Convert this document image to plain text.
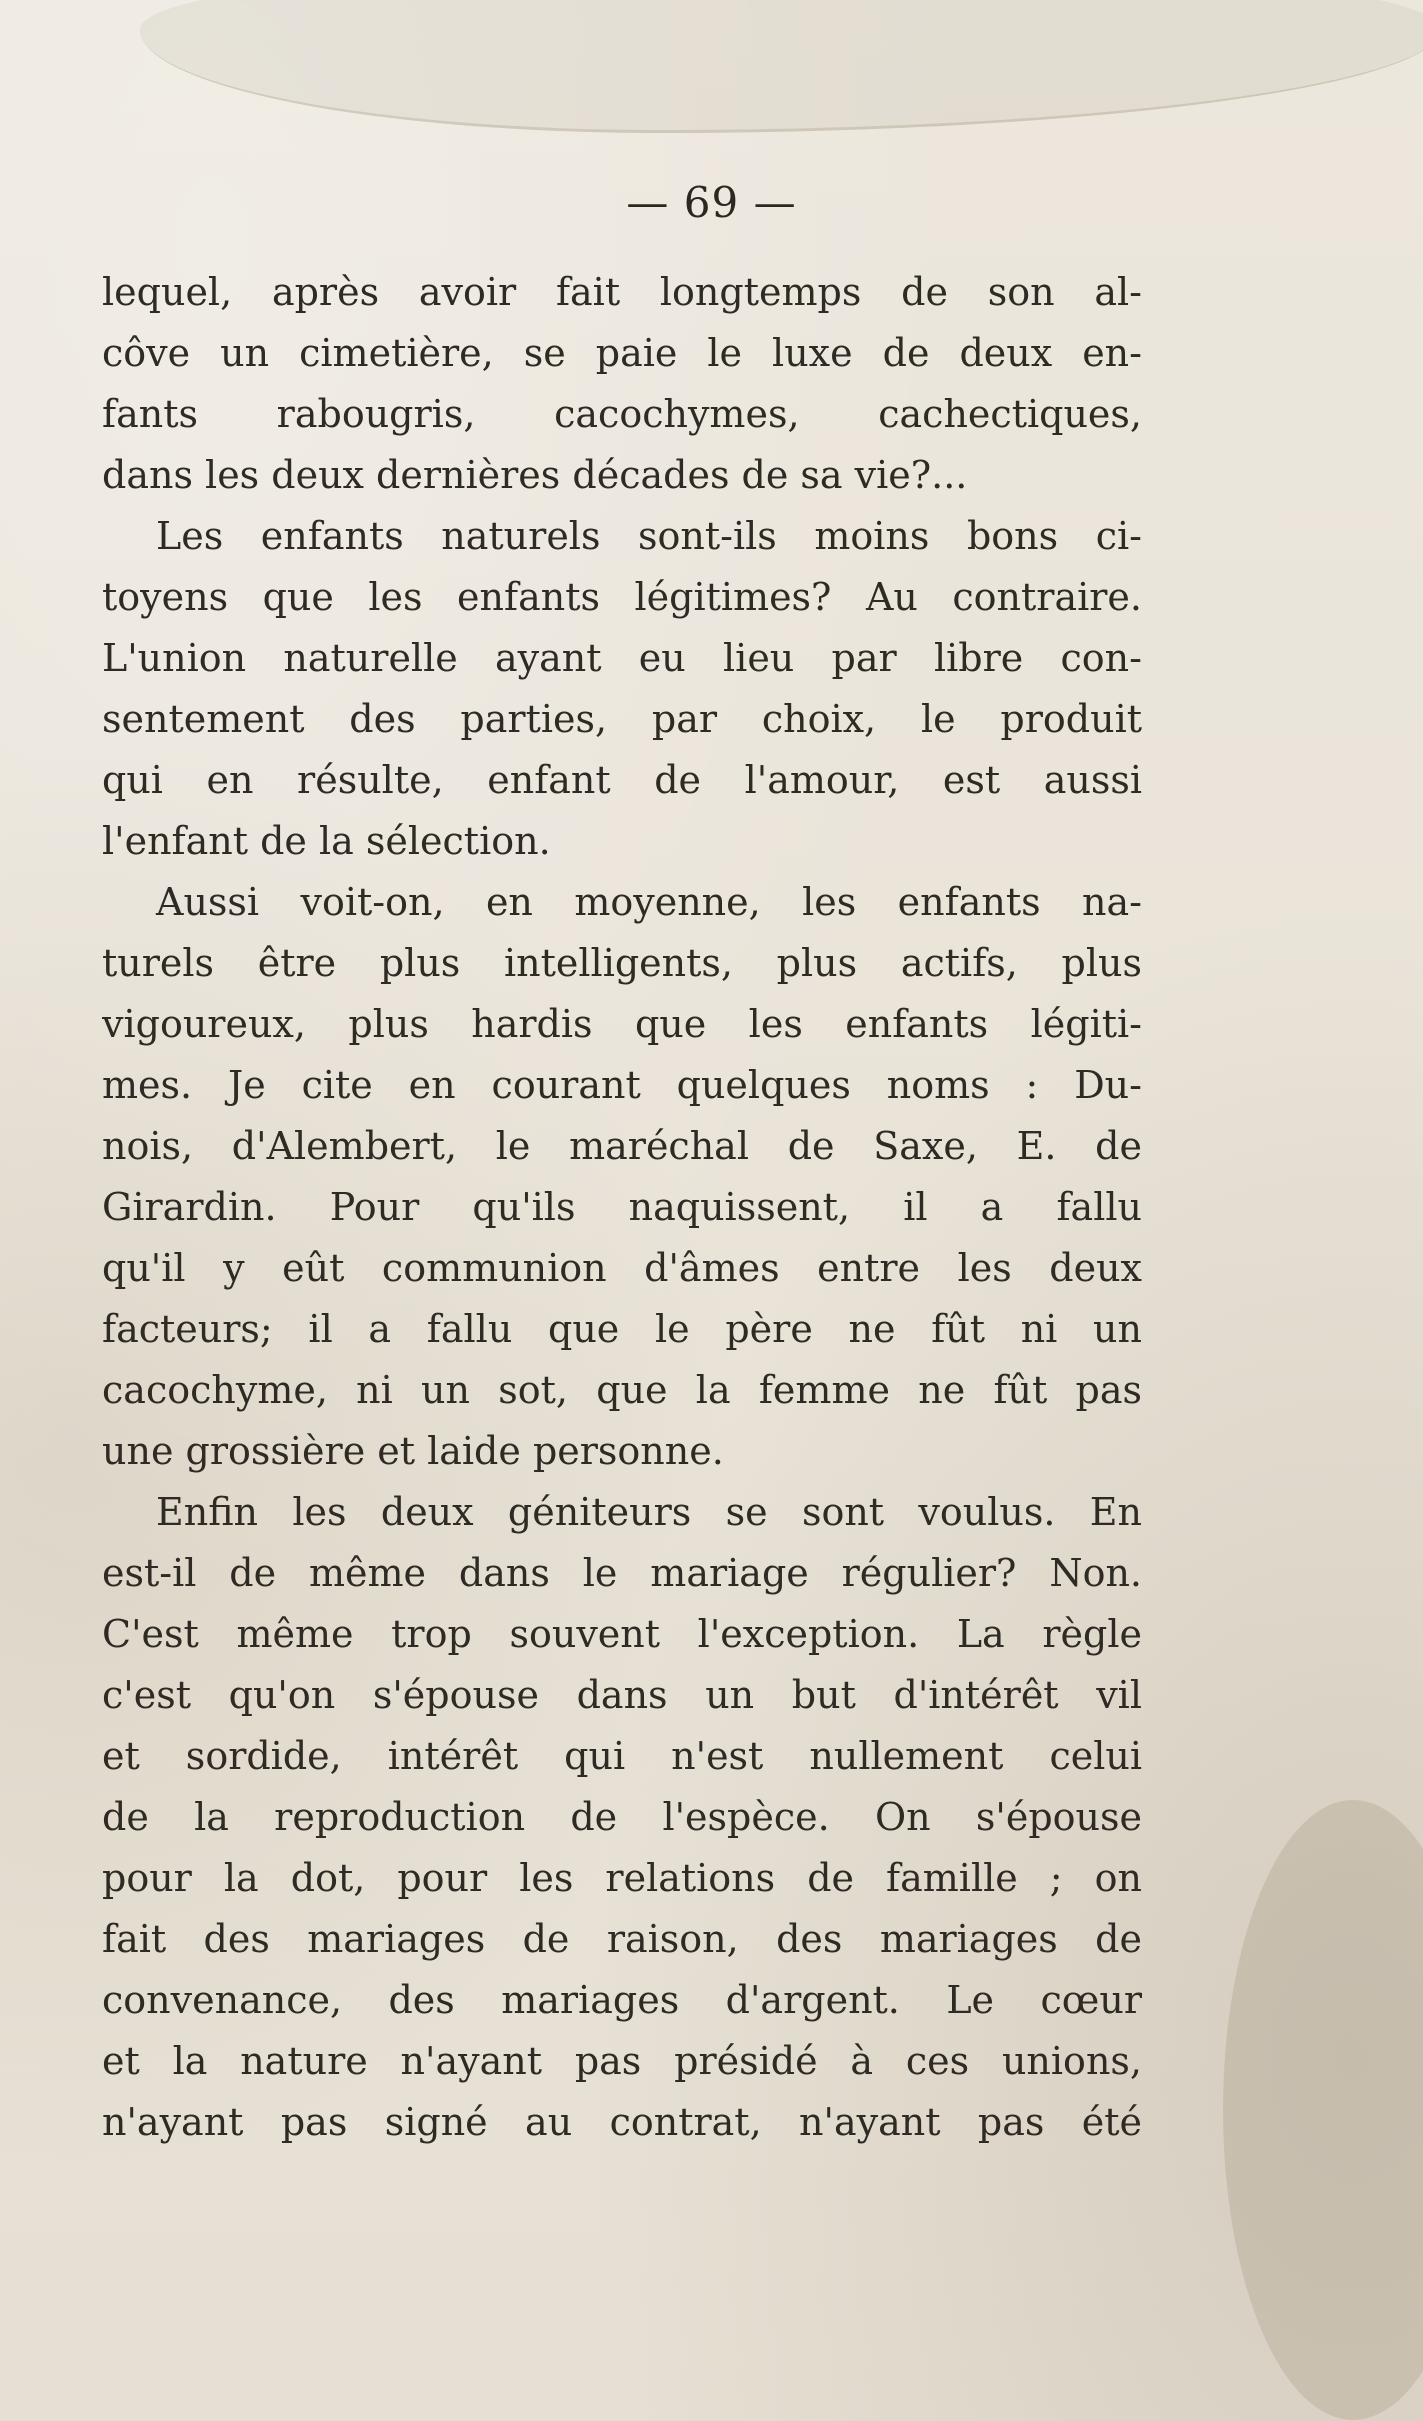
— 69 —
lequel, après avoir fait longtemps de son al-
côve un cimetière, se paie le luxe de deux en-
fants rabougris, cacochymes, cachectiques,
dans les deux dernières décades de sa vie?...
Les enfants naturels sont-ils moins bons ci-
toyens que les enfants légitimes? Au contraire.
L'union naturelle ayant eu lieu par libre con-
sentement des parties, par choix, le produit
qui en résulte, enfant de l'amour, est aussi
l'enfant de la sélection.
Aussi voit-on, en moyenne, les enfants na-
turels être plus intelligents, plus actifs, plus
vigoureux, plus hardis que les enfants légiti-
mes. Je cite en courant quelques noms : Du-
nois, d'Alembert, le maréchal de Saxe, E. de
Girardin. Pour qu'ils naquissent, il a fallu
qu'il y eût communion d'âmes entre les deux
facteurs; il a fallu que le père ne fût ni un
cacochyme, ni un sot, que la femme ne fût pas
une grossière et laide personne.
Enfin les deux géniteurs se sont voulus. En
est-il de même dans le mariage régulier? Non.
C'est même trop souvent l'exception. La règle
c'est qu'on s'épouse dans un but d'intérêt vil
et sordide, intérêt qui n'est nullement celui
de la reproduction de l'espèce. On s'épouse
pour la dot, pour les relations de famille ; on
fait des mariages de raison, des mariages de
convenance, des mariages d'argent. Le cœur
et la nature n'ayant pas présidé à ces unions,
n'ayant pas signé au contrat, n'ayant pas été
